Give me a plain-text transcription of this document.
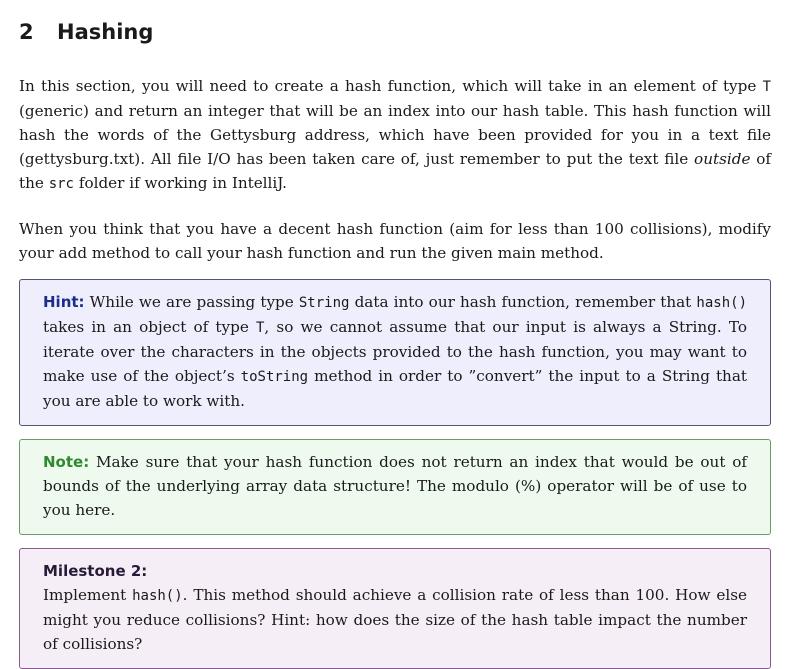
2	Hashing

In this section, you will need to create a hash function, which will take in an element of type T (generic) and return an integer that will be an index into our hash table. This hash function will hash the words of the Gettysburg address, which have been provided for you in a text file (gettysburg.txt). All file I/O has been taken care of, just remember to put the text file outside of the src folder if working in IntelliJ.

When you think that you have a decent hash function (aim for less than 100 collisions), modify your add method to call your hash function and run the given main method.

Hint: While we are passing type String data into our hash function, remember that hash() takes in an object of type T, so we cannot assume that our input is always a String. To iterate over the characters in the objects provided to the hash function, you may want to make use of the object’s toString method in order to ”convert” the input to a String that you are able to work with.
Note: Make sure that your hash function does not return an index that would be out of bounds of the underlying array data structure! The modulo (%) operator will be of use to you here.
Milestone 2:
Implement hash(). This method should achieve a collision rate of less than 100. How else might you reduce collisions? Hint: how does the size of the hash table impact the number of collisions?
